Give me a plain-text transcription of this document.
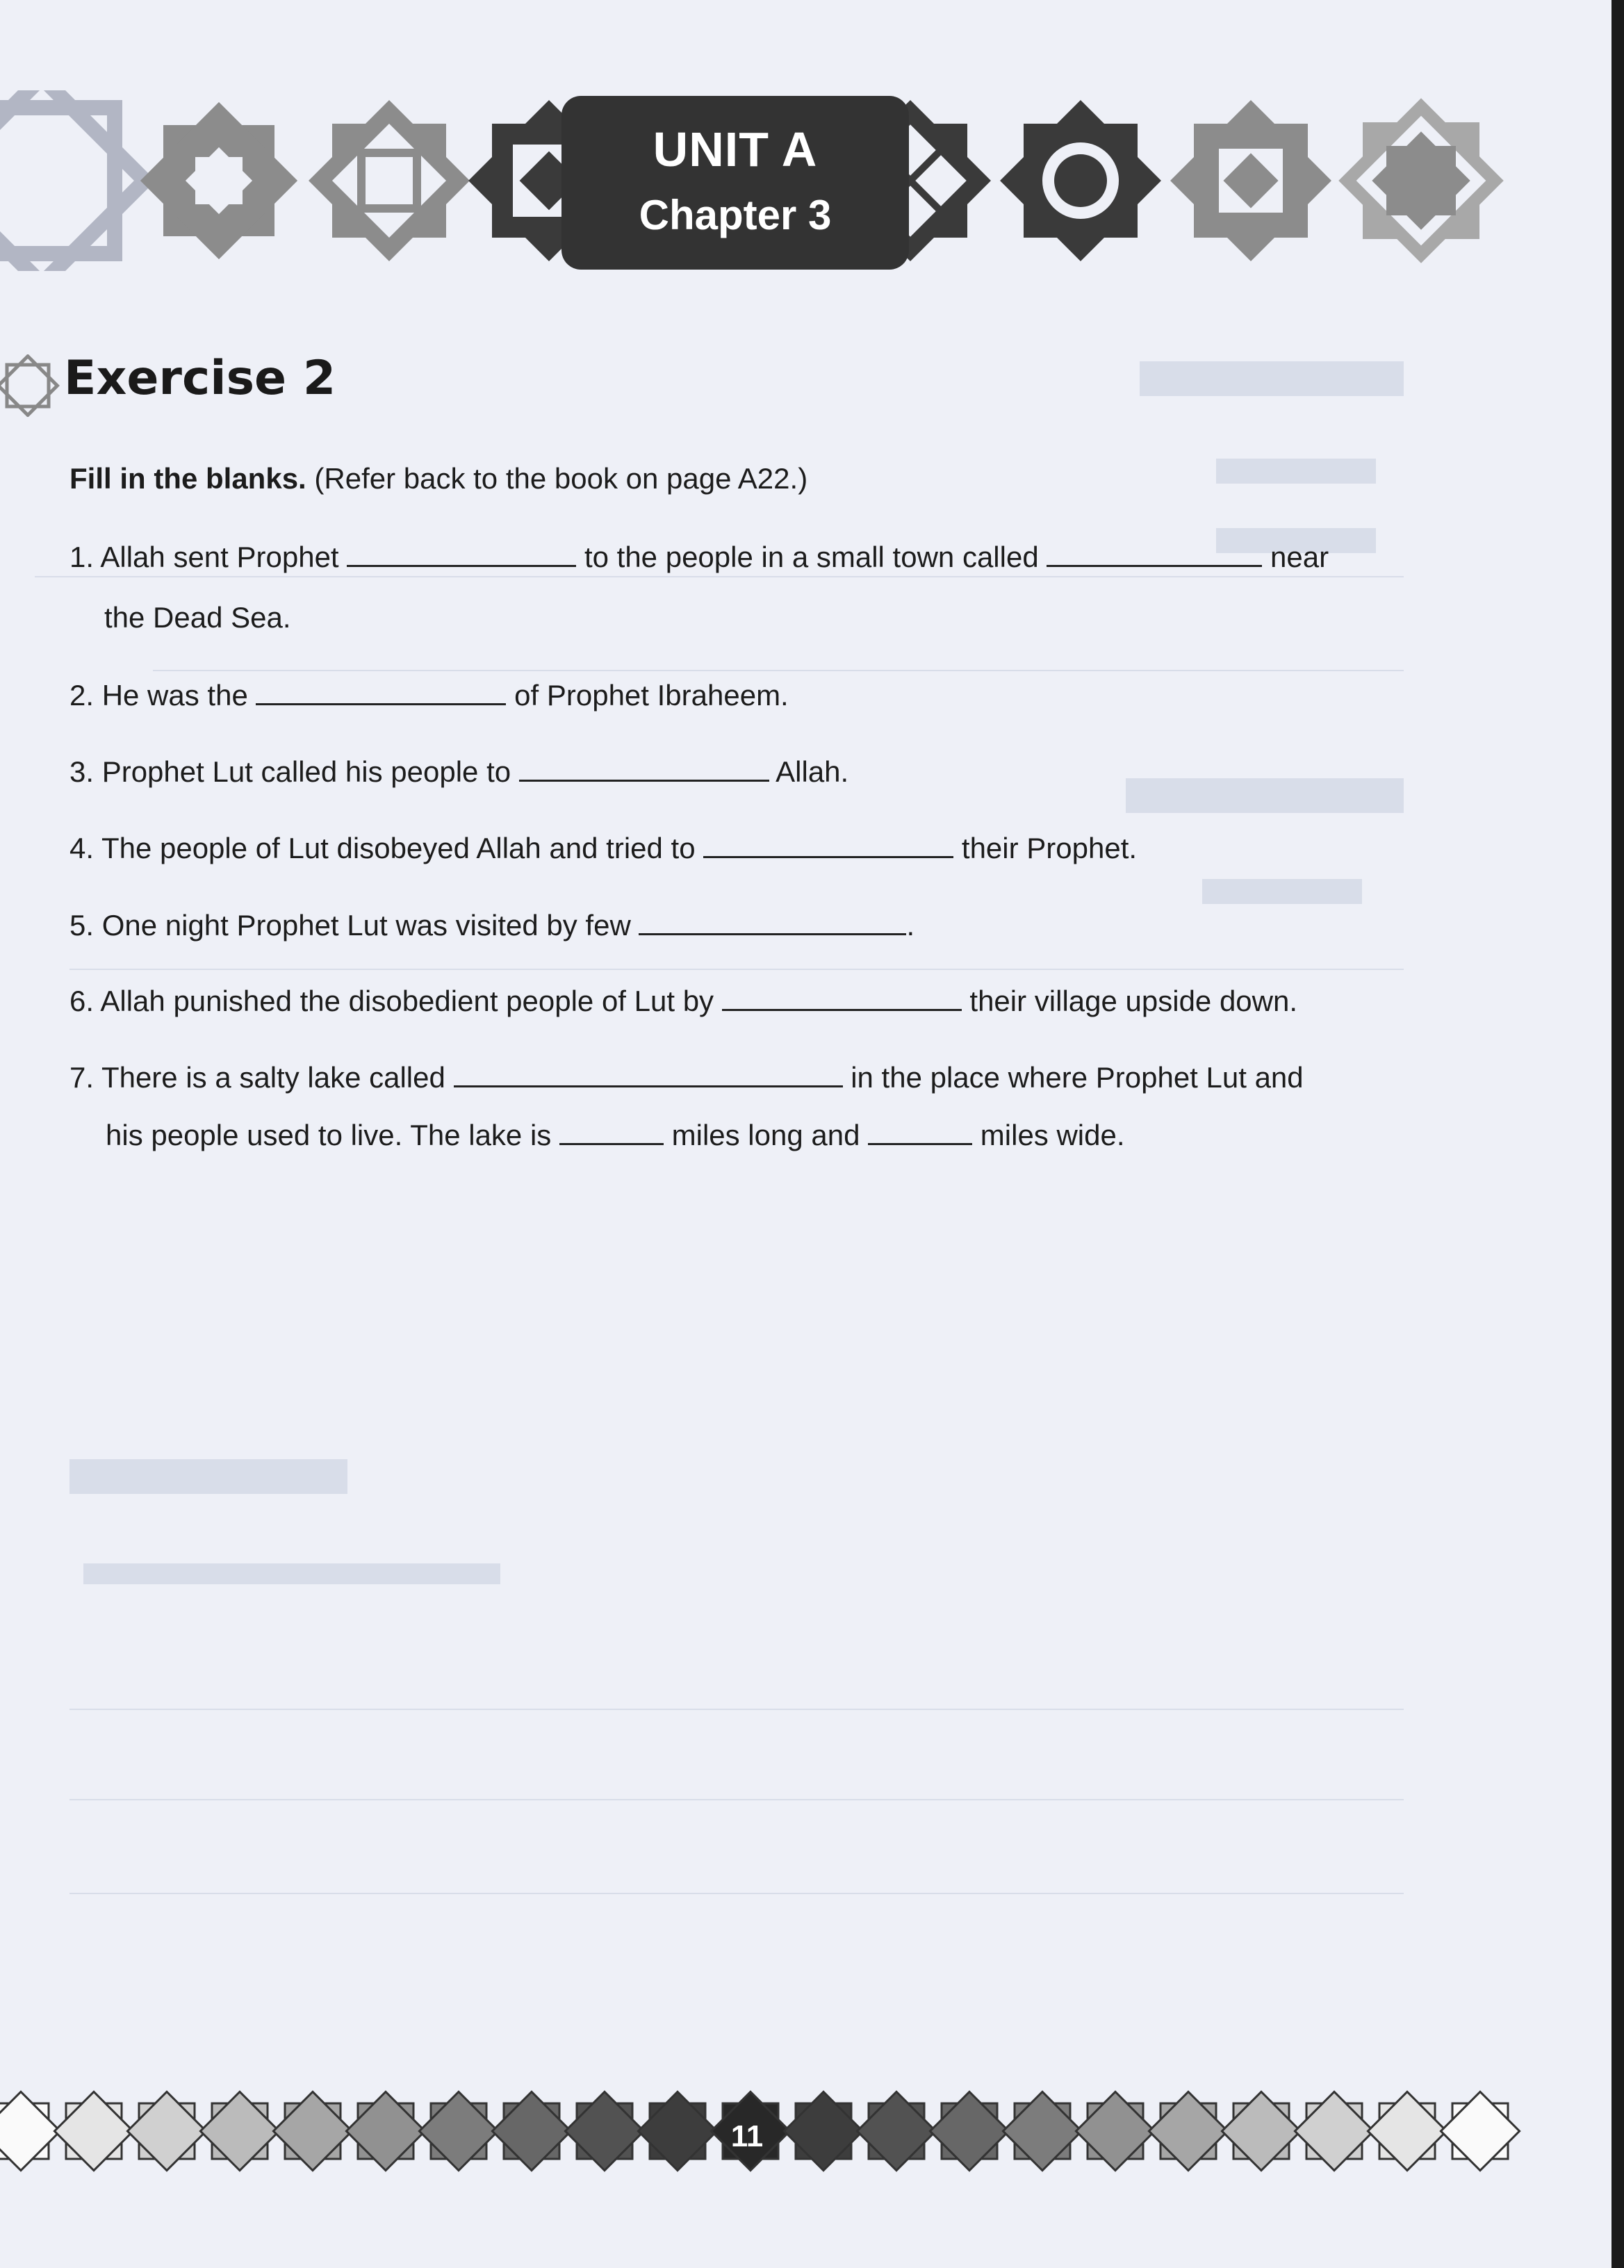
UNIT A
Chapter 3
Exercise 2
Fill in the blanks. (Refer back to the book on page A22.)
1. Allah sent Prophet	to the people in a small town called	near
the Dead Sea.
2. He was the	of Prophet Ibraheem.
3. Prophet Lut called his people to	Allah.
4. The people of Lut disobeyed Allah and tried to	their Prophet.
5. One night Prophet Lut was visited by few	.
6. Allah punished the disobedient people of Lut by	their village upside down.
7. There is a salty lake called	in the place where Prophet Lut and
his people used to live. The lake is	miles long and	miles wide.
11
